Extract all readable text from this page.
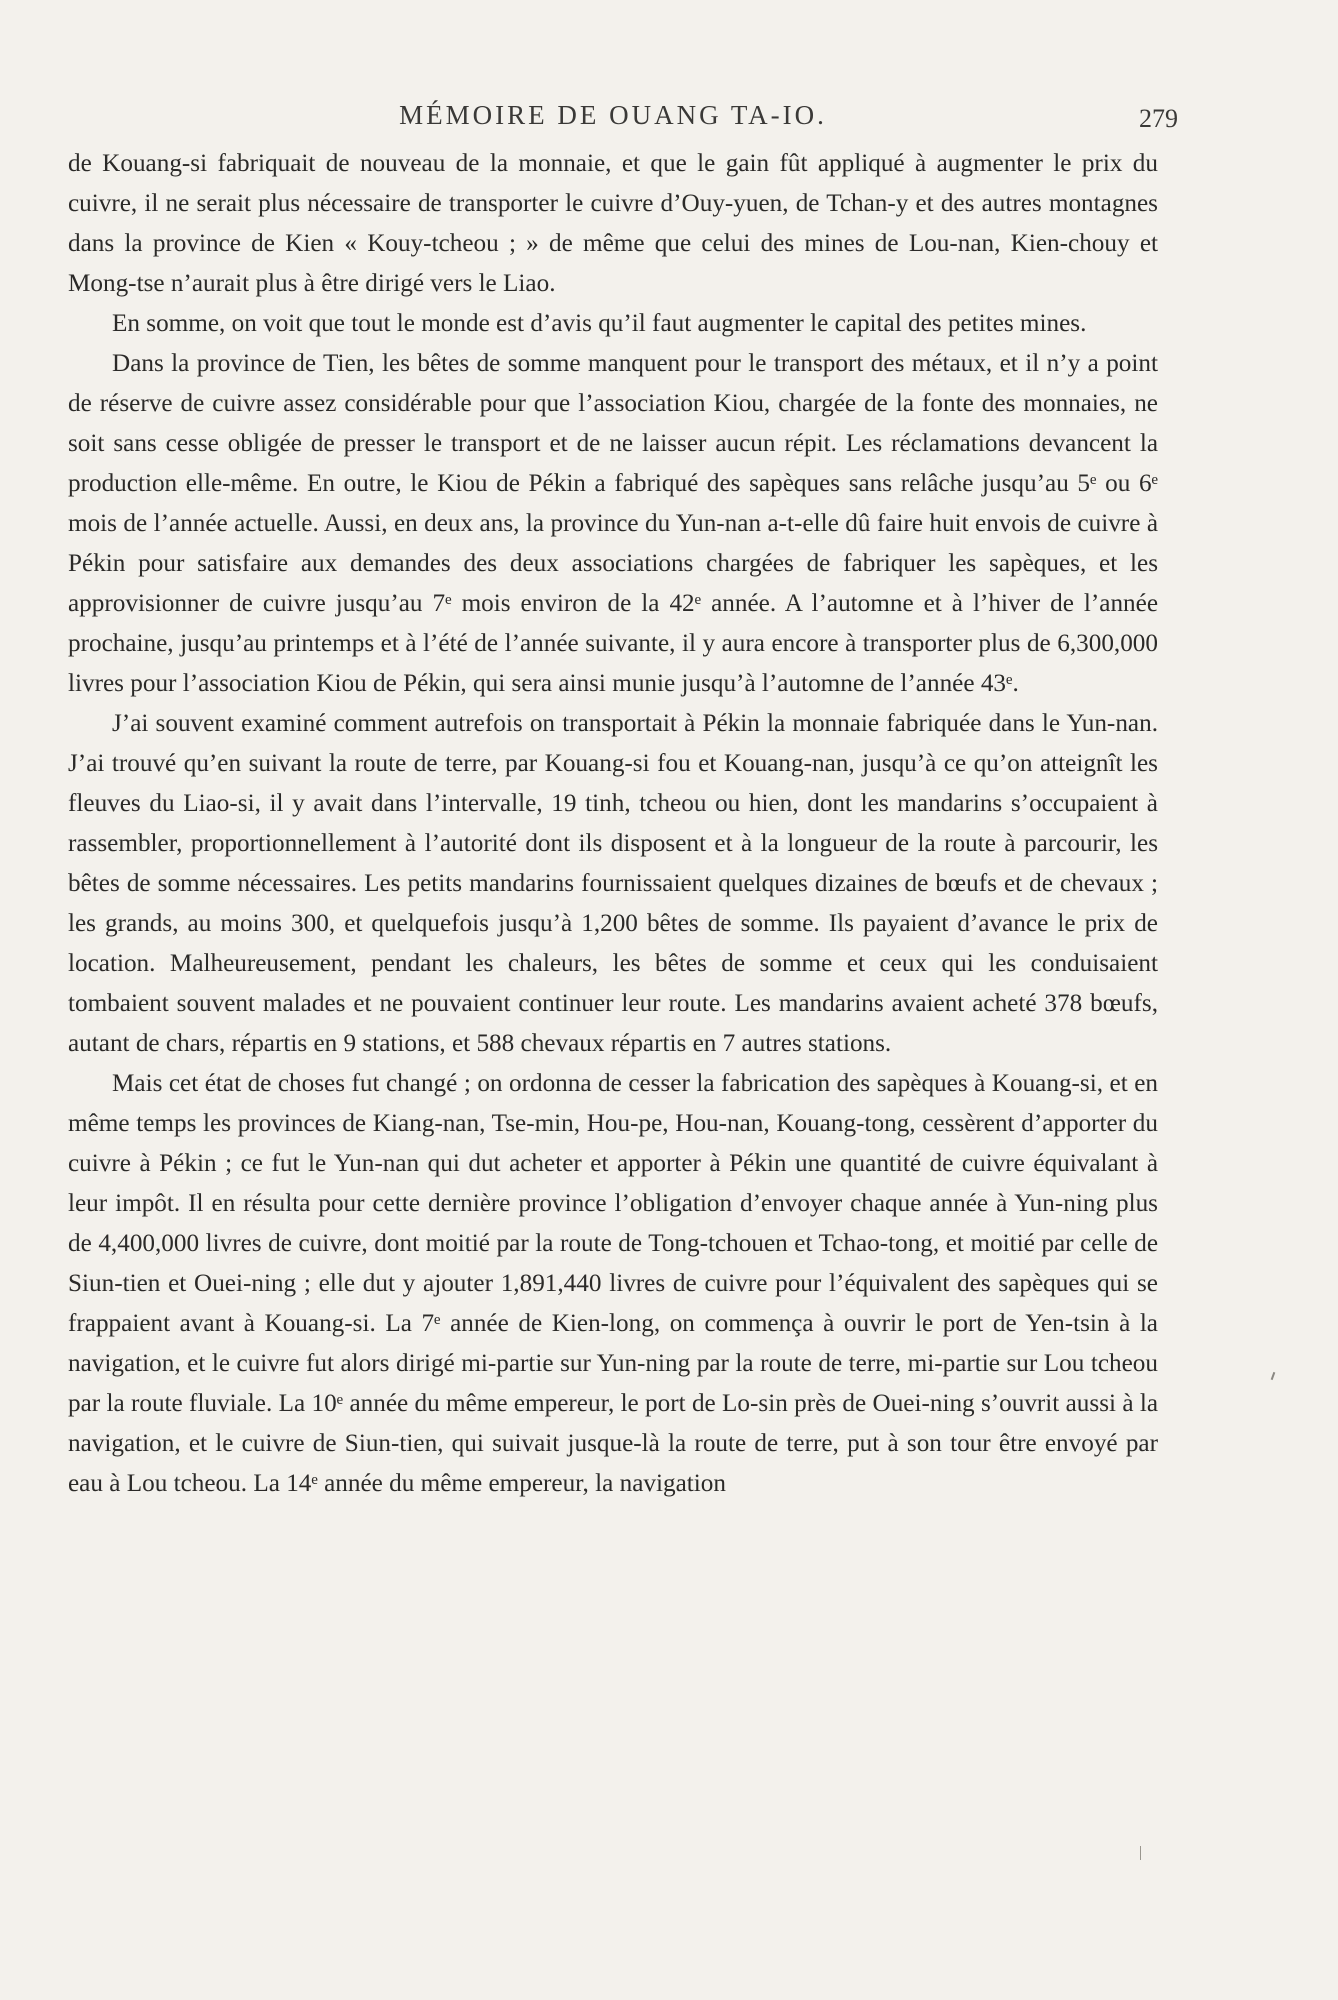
MÉMOIRE DE OUANG TA-IO.	279

de Kouang-si fabriquait de nouveau de la monnaie, et que le gain fût appliqué à augmenter le prix du cuivre, il ne serait plus nécessaire de transporter le cuivre d’Ouy-yuen, de Tchan-y et des autres montagnes dans la province de Kien « Kouy-tcheou ; » de même que celui des mines de Lou-nan, Kien-chouy et Mong-tse n’aurait plus à être dirigé vers le Liao.

En somme, on voit que tout le monde est d’avis qu’il faut augmenter le capital des petites mines.

Dans la province de Tien, les bêtes de somme manquent pour le transport des métaux, et il n’y a point de réserve de cuivre assez considérable pour que l’association Kiou, chargée de la fonte des monnaies, ne soit sans cesse obligée de presser le transport et de ne laisser aucun répit. Les réclamations devancent la production elle-même. En outre, le Kiou de Pékin a fabriqué des sapèques sans relâche jusqu’au 5ᵉ ou 6ᵉ mois de l’année actuelle. Aussi, en deux ans, la province du Yun-nan a-t-elle dû faire huit envois de cuivre à Pékin pour satisfaire aux demandes des deux associations chargées de fabriquer les sapèques, et les approvisionner de cuivre jusqu’au 7ᵉ mois environ de la 42ᵉ année. A l’automne et à l’hiver de l’année prochaine, jusqu’au printemps et à l’été de l’année suivante, il y aura encore à transporter plus de 6,300,000 livres pour l’association Kiou de Pékin, qui sera ainsi munie jusqu’à l’automne de l’année 43ᵉ.

J’ai souvent examiné comment autrefois on transportait à Pékin la monnaie fabriquée dans le Yun-nan. J’ai trouvé qu’en suivant la route de terre, par Kouang-si fou et Kouang-nan, jusqu’à ce qu’on atteignît les fleuves du Liao-si, il y avait dans l’intervalle, 19 tinh, tcheou ou hien, dont les mandarins s’occupaient à rassembler, proportionnellement à l’autorité dont ils disposent et à la longueur de la route à parcourir, les bêtes de somme nécessaires. Les petits mandarins fournissaient quelques dizaines de bœufs et de chevaux ; les grands, au moins 300, et quelquefois jusqu’à 1,200 bêtes de somme. Ils payaient d’avance le prix de location. Malheureusement, pendant les chaleurs, les bêtes de somme et ceux qui les conduisaient tombaient souvent malades et ne pouvaient continuer leur route. Les mandarins avaient acheté 378 bœufs, autant de chars, répartis en 9 stations, et 588 chevaux répartis en 7 autres stations.

Mais cet état de choses fut changé ; on ordonna de cesser la fabrication des sapèques à Kouang-si, et en même temps les provinces de Kiang-nan, Tse-min, Hou-pe, Hou-nan, Kouang-tong, cessèrent d’apporter du cuivre à Pékin ; ce fut le Yun-nan qui dut acheter et apporter à Pékin une quantité de cuivre équivalant à leur impôt. Il en résulta pour cette dernière province l’obligation d’envoyer chaque année à Yun-ning plus de 4,400,000 livres de cuivre, dont moitié par la route de Tong-tchouen et Tchao-tong, et moitié par celle de Siun-tien et Ouei-ning ; elle dut y ajouter 1,891,440 livres de cuivre pour l’équivalent des sapèques qui se frappaient avant à Kouang-si. La 7ᵉ année de Kien-long, on commença à ouvrir le port de Yen-tsin à la navigation, et le cuivre fut alors dirigé mi-partie sur Yun-ning par la route de terre, mi-partie sur Lou tcheou par la route fluviale. La 10ᵉ année du même empereur, le port de Lo-sin près de Ouei-ning s’ouvrit aussi à la navigation, et le cuivre de Siun-tien, qui suivait jusque-là la route de terre, put à son tour être envoyé par eau à Lou tcheou. La 14ᵉ année du même empereur, la navigation
